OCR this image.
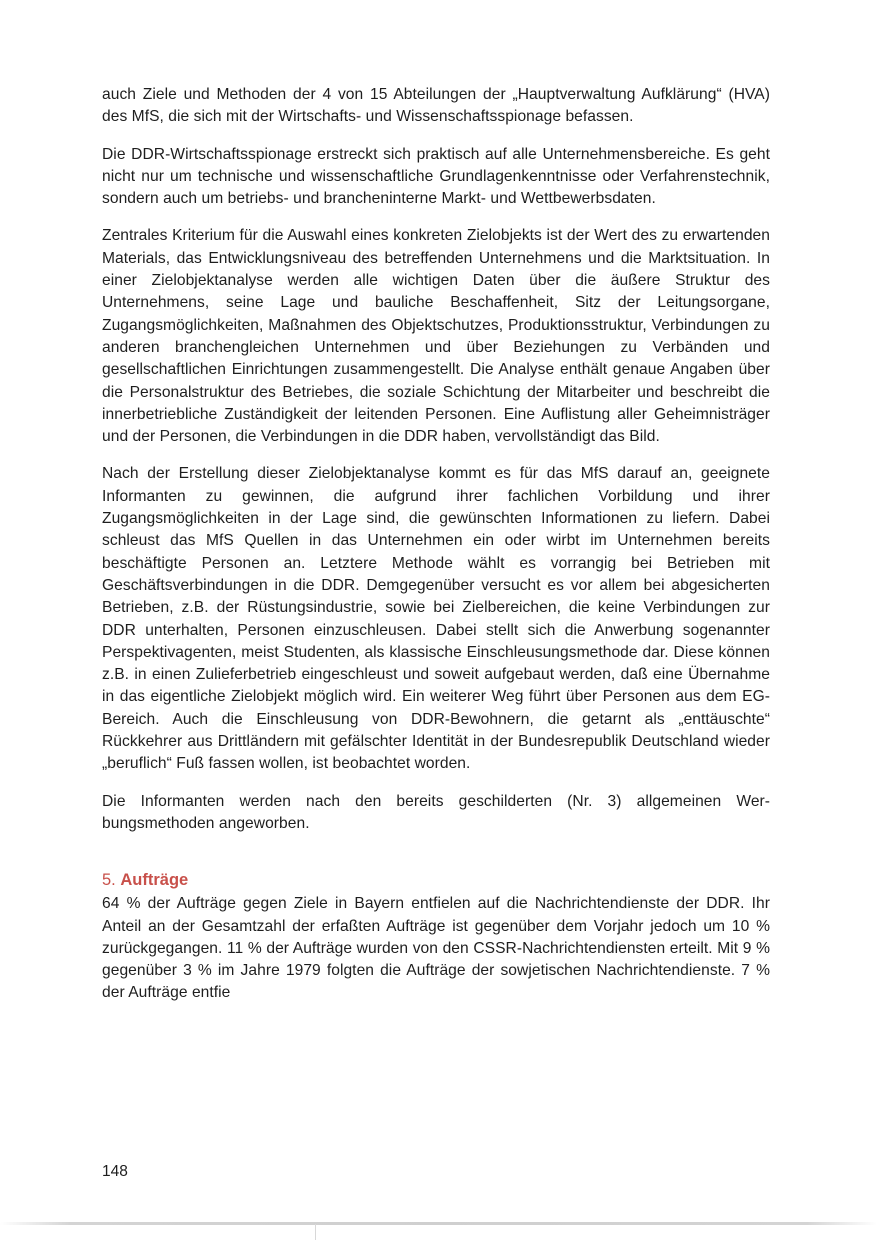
auch Ziele und Methoden der 4 von 15 Abteilungen der „Hauptverwaltung Aufklärung“ (HVA) des MfS, die sich mit der Wirtschafts- und Wissenschaftsspionage befassen.

Die DDR-Wirtschaftsspionage erstreckt sich praktisch auf alle Unternehmensbereiche. Es geht nicht nur um technische und wissenschaftliche Grundlagenkenntnisse oder Verfahrenstechnik, sondern auch um betriebs- und brancheninterne Markt- und Wettbewerbsdaten.

Zentrales Kriterium für die Auswahl eines konkreten Zielobjekts ist der Wert des zu erwartenden Materials, das Entwicklungsniveau des betreffenden Unternehmens und die Marktsituation. In einer Zielobjektanalyse werden alle wichtigen Daten über die äußere Struktur des Unternehmens, seine Lage und bauliche Beschaffenheit, Sitz der Leitungsorgane, Zugangsmöglichkeiten, Maßnahmen des Objektschutzes, Produktionsstruktur, Verbindungen zu anderen branchengleichen Unternehmen und über Beziehungen zu Verbänden und gesellschaftlichen Einrichtungen zusammengestellt. Die Analyse enthält genaue Angaben über die Personalstruktur des Betriebes, die soziale Schichtung der Mitarbeiter und beschreibt die innerbetriebliche Zuständigkeit der leitenden Personen. Eine Auflistung aller Geheimnisträger und der Personen, die Verbindungen in die DDR haben, vervollständigt das Bild.

Nach der Erstellung dieser Zielobjektanalyse kommt es für das MfS darauf an, geeignete Informanten zu gewinnen, die aufgrund ihrer fachlichen Vorbildung und ihrer Zugangsmöglichkeiten in der Lage sind, die gewünschten Informationen zu liefern. Dabei schleust das MfS Quellen in das Unternehmen ein oder wirbt im Unternehmen bereits beschäftigte Personen an. Letztere Methode wählt es vorrangig bei Betrieben mit Geschäftsverbindungen in die DDR. Demgegenüber versucht es vor allem bei abgesicherten Betrieben, z.B. der Rüstungsindustrie, sowie bei Zielbereichen, die keine Verbindungen zur DDR unterhalten, Personen einzuschleusen. Dabei stellt sich die Anwerbung sogenannter Perspektivagenten, meist Studenten, als klassische Einschleusungsmethode dar. Diese können z.B. in einen Zulieferbetrieb eingeschleust und soweit aufgebaut werden, daß eine Übernahme in das eigentliche Zielobjekt möglich wird. Ein weiterer Weg führt über Personen aus dem EG-Bereich. Auch die Einschleusung von DDR-Bewohnern, die getarnt als „enttäuschte“ Rückkehrer aus Drittländern mit gefälschter Identität in der Bundesrepublik Deutschland wieder „beruflich“ Fuß fassen wollen, ist beobachtet worden.

Die Informanten werden nach den bereits geschilderten (Nr. 3) allgemeinen Werbungsmethoden angeworben.

5. Aufträge

64 % der Aufträge gegen Ziele in Bayern entfielen auf die Nachrichtendienste der DDR. Ihr Anteil an der Gesamtzahl der erfaßten Aufträge ist gegenüber dem Vorjahr jedoch um 10 % zurückgegangen. 11 % der Aufträge wurden von den CSSR-Nachrichtendiensten erteilt. Mit 9 % gegenüber 3 % im Jahre 1979 folgten die Aufträge der sowjetischen Nachrichtendienste. 7 % der Aufträge entfie

148
